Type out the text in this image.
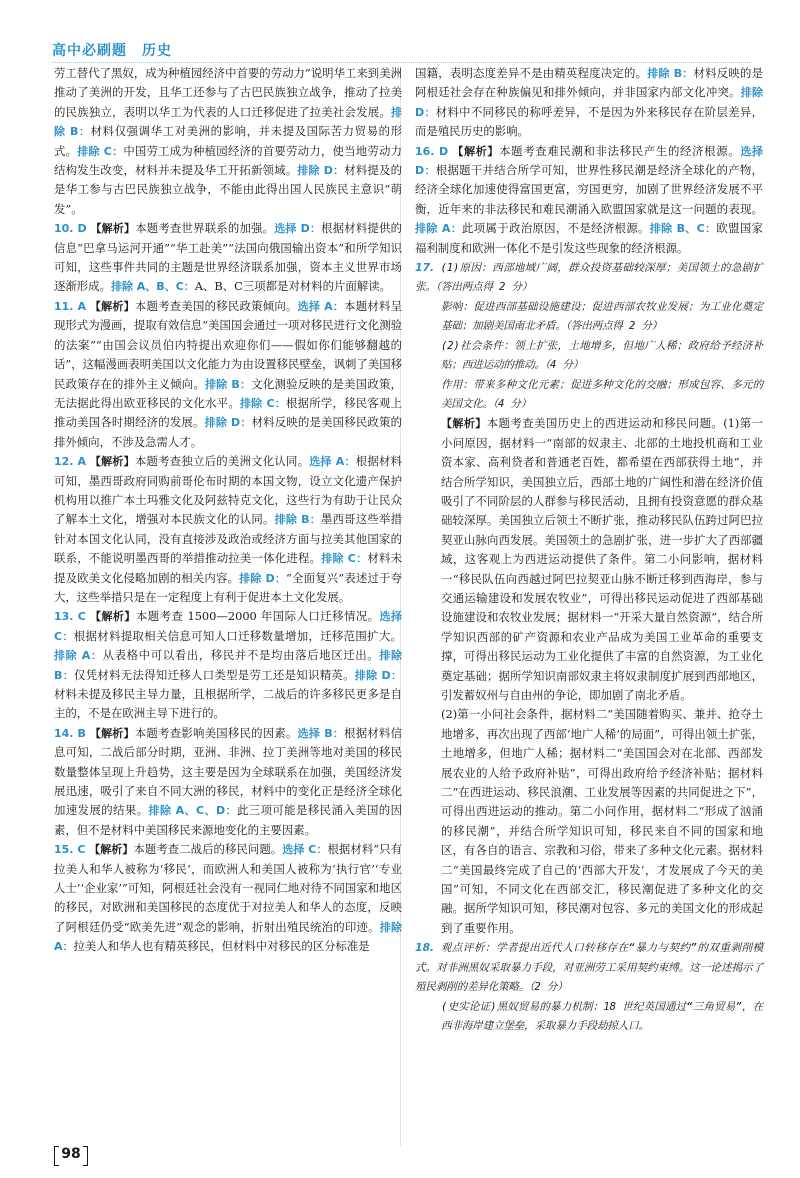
高中必刷题　历史

劳工替代了黑奴，成为种植园经济中首要的劳动力”说明华工来到美洲推动了美洲的开发，且华工还参与了古巴民族独立战争，推动了拉美的民族独立，表明以华工为代表的人口迁移促进了拉美社会发展。排除 B：材料仅强调华工对美洲的影响，并未提及国际苦力贸易的形式。排除 C：中国劳工成为种植园经济的首要劳动力，使当地劳动力结构发生改变，材料并未提及华工开拓新领域。排除 D：材料提及的是华工参与古巴民族独立战争，不能由此得出国人民族民主意识“萌发”。

10. D 【解析】本题考查世界联系的加强。选择 D：根据材料提供的信息“巴拿马运河开通”“华工赴美”“法国向俄国输出资本”和所学知识可知，这些事件共同的主题是世界经济联系加强，资本主义世界市场逐渐形成。排除 A、B、C：A、B、C三项都是对材料的片面解读。

11. A 【解析】本题考查美国的移民政策倾向。选择 A：本题材料呈现形式为漫画，提取有效信息“美国国会通过一项对移民进行文化测验的法案”“由国会议员伯内特提出欢迎你们——假如你们能够翻越的话”，这幅漫画表明美国以文化能力为由设置移民壁垒，讽刺了美国移民政策存在的排外主义倾向。排除 B：文化测验反映的是美国政策，无法据此得出欧亚移民的文化水平。排除 C：根据所学，移民客观上推动美国各时期经济的发展。排除 D：材料反映的是美国移民政策的排外倾向，不涉及急需人才。

12. A 【解析】本题考查独立后的美洲文化认同。选择 A：根据材料可知，墨西哥政府同购前哥伦布时期的本国文物，设立文化遗产保护机构用以推广本土玛雅文化及阿兹特克文化，这些行为有助于让民众了解本土文化，增强对本民族文化的认同。排除 B：墨西哥这些举措针对本国文化认同，没有直接涉及政治或经济方面与拉美其他国家的联系，不能说明墨西哥的举措推动拉美一体化进程。排除 C：材料未提及欧美文化侵略加剧的相关内容。排除 D：“全面复兴”表述过于夸大，这些举措只是在一定程度上有利于促进本土文化发展。

13. C 【解析】本题考查 1500—2000 年国际人口迁移情况。选择 C：根据材料提取相关信息可知人口迁移数量增加，迁移范围扩大。排除 A：从表格中可以看出，移民并不是均由落后地区迁出。排除 B：仅凭材料无法得知迁移人口类型是劳工还是知识精英。排除 D：材料未提及移民主导力量，且根据所学，二战后的许多移民更多是自主的，不是在欧洲主导下进行的。

14. B 【解析】本题考查影响美国移民的因素。选择 B：根据材料信息可知，二战后部分时期，亚洲、非洲、拉丁美洲等地对美国的移民数量整体呈现上升趋势，这主要是因为全球联系在加强，美国经济发展迅速，吸引了来自不同大洲的移民，材料中的变化正是经济全球化加速发展的结果。排除 A、C、D：此三项可能是移民涌入美国的因素，但不是材料中美国移民来源地变化的主要因素。

15. C 【解析】本题考查二战后的移民问题。选择 C：根据材料“只有拉美人和华人被称为‘移民’，而欧洲人和美国人被称为‘执行官’‘专业人士’‘企业家’”可知，阿根廷社会没有一视同仁地对待不同国家和地区的移民，对欧洲和美国移民的态度优于对拉美人和华人的态度，反映了阿根廷仍受“欧美先进”观念的影响，折射出殖民统治的印迹。排除 A：拉美人和华人也有精英移民，但材料中对移民的区分标准是

国籍，表明态度差异不是由精英程度决定的。排除 B：材料反映的是阿根廷社会存在种族偏见和排外倾向，并非国家内部文化冲突。排除 D：材料中不同移民的称呼差异，不是因为外来移民存在阶层差异，而是殖民历史的影响。

16. D 【解析】本题考查难民潮和非法移民产生的经济根源。选择 D：根据题干并结合所学可知，世界性移民潮是经济全球化的产物，经济全球化加速使得富国更富，穷国更穷，加剧了世界经济发展不平衡，近年来的非法移民和难民潮涌入欧盟国家就是这一问题的表现。排除 A：此项属于政治原因，不是经济根源。排除 B、C：欧盟国家福利制度和欧洲一体化不是引发这些现象的经济根源。

17. (1)原因：西部地域广阔，群众投资基础较深厚；美国领土的急剧扩张。（答出两点得 2 分）

影响：促进西部基础设施建设；促进西部农牧业发展；为工业化奠定基础；加剧美国南北矛盾。（答出两点得 2 分）

(2)社会条件：领土扩张，土地增多，但地广人稀；政府给予经济补贴；西进运动的推动。（4 分）

作用：带来多种文化元素；促进多种文化的交融；形成包容、多元的美国文化。（4 分）

【解析】本题考查美国历史上的西进运动和移民问题。(1)第一小问原因，据材料一“南部的奴隶主、北部的土地投机商和工业资本家、高利贷者和普通老百姓，都希望在西部获得土地”，并结合所学知识，美国独立后，西部土地的广阔性和潜在经济价值吸引了不同阶层的人群参与移民活动，且拥有投资意愿的群众基础较深厚。美国独立后领土不断扩张，推动移民队伍跨过阿巴拉契亚山脉向西发展。美国领土的急剧扩张，进一步扩大了西部疆域，这客观上为西进运动提供了条件。第二小问影响，据材料一“移民队伍向西越过阿巴拉契亚山脉不断迁移到西海岸，参与交通运输建设和发展农牧业”，可得出移民运动促进了西部基础设施建设和农牧业发展；据材料一“开采大量自然资源”，结合所学知识西部的矿产资源和农业产品成为美国工业革命的重要支撑，可得出移民运动为工业化提供了丰富的自然资源，为工业化奠定基础；据所学知识南部奴隶主将奴隶制度扩展到西部地区，引发蓄奴州与自由州的争论，即加剧了南北矛盾。

(2)第一小问社会条件，据材料二“美国随着购买、兼并、抢夺土地增多，再次出现了西部‘地广人稀’的局面”，可得出领土扩张，土地增多，但地广人稀；据材料二“美国国会对在北部、西部发展农业的人给予政府补贴”，可得出政府给予经济补贴；据材料二“在西进运动、移民浪潮、工业发展等因素的共同促进之下”，可得出西进运动的推动。第二小问作用，据材料二“形成了汹涌的移民潮”，并结合所学知识可知，移民来自不同的国家和地区，有各自的语言、宗教和习俗，带来了多种文化元素。据材料二“美国最终完成了自己的‘西部大开发’，才发展成了今天的美国”可知，不同文化在西部交汇，移民潮促进了多种文化的交融。据所学知识可知，移民潮对包容、多元的美国文化的形成起到了重要作用。

18. 观点评析：学者提出近代人口转移存在“暴力与契约”的双重剥削模式。对非洲黑奴采取暴力手段，对亚洲劳工采用契约束缚。这一论述揭示了殖民剥削的差异化策略。（2 分）

(史实论证)黑奴贸易的暴力机制：18 世纪英国通过“三角贸易”，在西非海岸建立堡垒，采取暴力手段劫掠人口。

98
